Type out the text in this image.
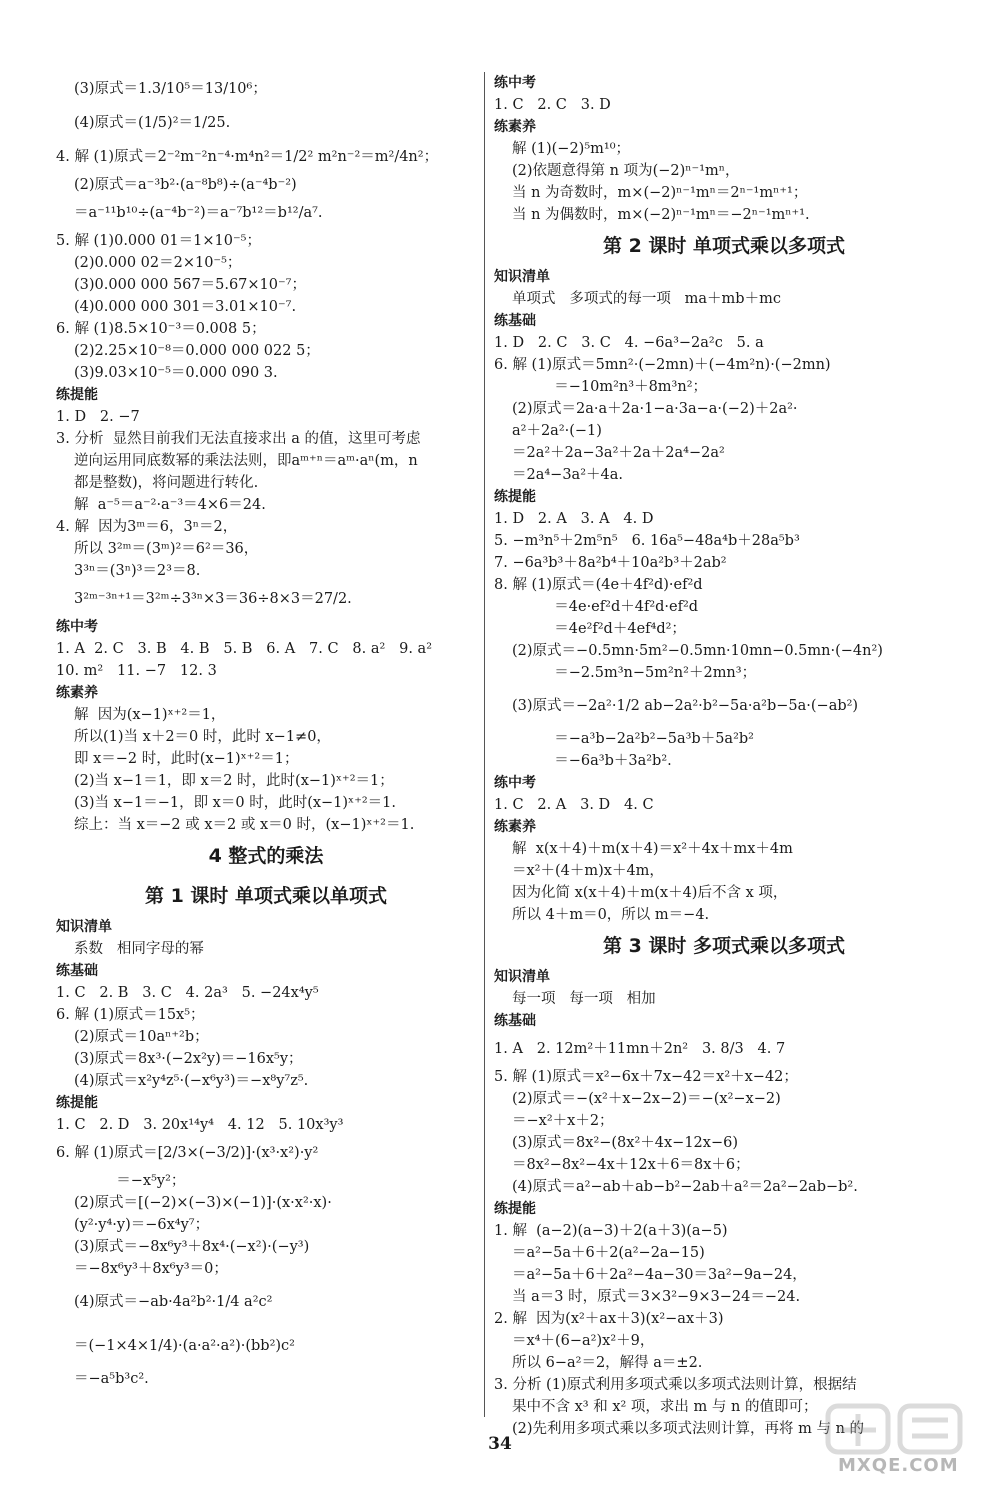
(3)原式＝1.3/10⁵＝13/10⁶；
(4)原式＝(1/5)²＝1/25.
4. 解 (1)原式＝2⁻²m⁻²n⁻⁴·m⁴n²＝1/2² m²n⁻²＝m²/4n²；
(2)原式＝a⁻³b²·(a⁻⁸b⁸)÷(a⁻⁴b⁻²)
＝a⁻¹¹b¹⁰÷(a⁻⁴b⁻²)＝a⁻⁷b¹²＝b¹²/a⁷.
5. 解 (1)0.000 01＝1×10⁻⁵；
(2)0.000 02＝2×10⁻⁵；
(3)0.000 000 567＝5.67×10⁻⁷；
(4)0.000 000 301＝3.01×10⁻⁷.
6. 解 (1)8.5×10⁻³＝0.008 5；
(2)2.25×10⁻⁸＝0.000 000 022 5；
(3)9.03×10⁻⁵＝0.000 090 3.
练提能
1. D   2. −7
3. 分析  显然目前我们无法直接求出 a 的值，这里可考虑
逆向运用同底数幂的乘法法则，即aᵐ⁺ⁿ＝aᵐ·aⁿ(m，n
都是整数)，将问题进行转化.
解  a⁻⁵＝a⁻²·a⁻³＝4×6＝24.
4. 解  因为3ᵐ＝6，3ⁿ＝2，
所以 3²ᵐ＝(3ᵐ)²＝6²＝36，
3³ⁿ＝(3ⁿ)³＝2³＝8.
3²ᵐ⁻³ⁿ⁺¹＝3²ᵐ÷3³ⁿ×3＝36÷8×3＝27/2.
练中考
1. A  2. C   3. B   4. B   5. B   6. A   7. C   8. a²   9. a²
10. m²   11. −7   12. 3
练素养
解  因为(x−1)ˣ⁺²＝1，
所以(1)当 x＋2＝0 时，此时 x−1≠0，
即 x＝−2 时，此时(x−1)ˣ⁺²＝1；
(2)当 x−1＝1，即 x＝2 时，此时(x−1)ˣ⁺²＝1；
(3)当 x−1＝−1，即 x＝0 时，此时(x−1)ˣ⁺²＝1.
综上：当 x＝−2 或 x＝2 或 x＝0 时，(x−1)ˣ⁺²＝1.
4 整式的乘法
第 1 课时 单项式乘以单项式
知识清单
系数   相同字母的幂
练基础
1. C   2. B   3. C   4. 2a³   5. −24x⁴y⁵
6. 解 (1)原式＝15x⁵；
(2)原式＝10aⁿ⁺²b；
(3)原式＝8x³·(−2x²y)＝−16x⁵y；
(4)原式＝x²y⁴z⁵·(−x⁶y³)＝−x⁸y⁷z⁵.
练提能
1. C   2. D   3. 20x¹⁴y⁴   4. 12   5. 10x³y³
6. 解 (1)原式＝[2/3×(−3/2)]·(x³·x²)·y²
＝−x⁵y²；
(2)原式＝[(−2)×(−3)×(−1)]·(x·x²·x)·
(y²·y⁴·y)＝−6x⁴y⁷；
(3)原式＝−8x⁶y³＋8x⁴·(−x²)·(−y³)
＝−8x⁶y³＋8x⁶y³＝0；
(4)原式＝−ab·4a²b²·1/4 a²c²
＝(−1×4×1/4)·(a·a²·a²)·(bb²)c²
＝−a⁵b³c².
练中考
1. C   2. C   3. D
练素养
解 (1)(−2)⁵m¹⁰；
(2)依题意得第 n 项为(−2)ⁿ⁻¹mⁿ，
当 n 为奇数时，m×(−2)ⁿ⁻¹mⁿ＝2ⁿ⁻¹mⁿ⁺¹；
当 n 为偶数时，m×(−2)ⁿ⁻¹mⁿ＝−2ⁿ⁻¹mⁿ⁺¹.
第 2 课时 单项式乘以多项式
知识清单
单项式   多项式的每一项   ma＋mb＋mc
练基础
1. D   2. C   3. C   4. −6a³−2a²c   5. a
6. 解 (1)原式＝5mn²·(−2mn)＋(−4m²n)·(−2mn)
＝−10m²n³＋8m³n²；
(2)原式＝2a·a＋2a·1−a·3a−a·(−2)＋2a²·
a²＋2a²·(−1)
＝2a²＋2a−3a²＋2a＋2a⁴−2a²
＝2a⁴−3a²＋4a.
练提能
1. D   2. A   3. A   4. D
5. −m³n⁵＋2m⁵n⁵   6. 16a⁵−48a⁴b＋28a⁵b³
7. −6a³b³＋8a²b⁴＋10a²b³＋2ab²
8. 解 (1)原式＝(4e＋4f²d)·ef²d
＝4e·ef²d＋4f²d·ef²d
＝4e²f²d＋4ef⁴d²；
(2)原式＝−0.5mn·5m²−0.5mn·10mn−0.5mn·(−4n²)
＝−2.5m³n−5m²n²＋2mn³；
(3)原式＝−2a²·1/2 ab−2a²·b²−5a·a²b−5a·(−ab²)
＝−a³b−2a²b²−5a³b＋5a²b²
＝−6a³b＋3a²b².
练中考
1. C   2. A   3. D   4. C
练素养
解  x(x＋4)＋m(x＋4)＝x²＋4x＋mx＋4m
＝x²＋(4＋m)x＋4m，
因为化简 x(x＋4)＋m(x＋4)后不含 x 项，
所以 4＋m＝0，所以 m＝−4.
第 3 课时 多项式乘以多项式
知识清单
每一项   每一项   相加
练基础
1. A   2. 12m²＋11mn＋2n²   3. 8/3   4. 7
5. 解 (1)原式＝x²−6x＋7x−42＝x²＋x−42；
(2)原式＝−(x²＋x−2x−2)＝−(x²−x−2)
＝−x²＋x＋2；
(3)原式＝8x²−(8x²＋4x−12x−6)
＝8x²−8x²−4x＋12x＋6＝8x＋6；
(4)原式＝a²−ab＋ab−b²−2ab＋a²＝2a²−2ab−b².
练提能
1. 解  (a−2)(a−3)＋2(a＋3)(a−5)
＝a²−5a＋6＋2(a²−2a−15)
＝a²−5a＋6＋2a²−4a−30＝3a²−9a−24，
当 a＝3 时，原式＝3×3²−9×3−24＝−24.
2. 解  因为(x²＋ax＋3)(x²−ax＋3)
＝x⁴＋(6−a²)x²＋9，
所以 6−a²＝2，解得 a＝±2.
3. 分析 (1)原式利用多项式乘以多项式法则计算，根据结
果中不含 x³ 和 x² 项，求出 m 与 n 的值即可；
(2)先利用多项式乘以多项式法则计算，再将 m 与 n 的
34
MXQE.COM
